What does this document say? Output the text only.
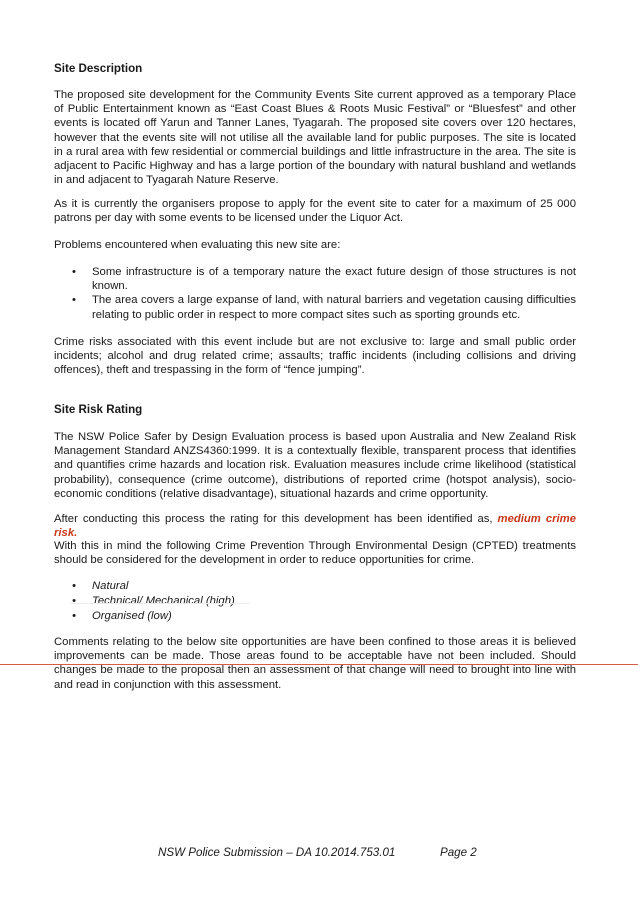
Site Description
The proposed site development for the Community Events Site current approved as a temporary Place of Public Entertainment known as “East Coast Blues & Roots Music Festival” or “Bluesfest” and other events is located off Yarun and Tanner Lanes, Tyagarah. The proposed site covers over 120 hectares, however that the events site will not utilise all the available land for public purposes. The site is located in a rural area with few residential or commercial buildings and little infrastructure in the area. The site is adjacent to Pacific Highway and has a large portion of the boundary with natural bushland and wetlands in and adjacent to Tyagarah Nature Reserve.
As it is currently the organisers propose to apply for the event site to cater for a maximum of 25 000 patrons per day with some events to be licensed under the Liquor Act.
Problems encountered when evaluating this new site are:
• Some infrastructure is of a temporary nature the exact future design of those structures is not known.
• The area covers a large expanse of land, with natural barriers and vegetation causing difficulties relating to public order in respect to more compact sites such as sporting grounds etc.
Crime risks associated with this event include but are not exclusive to: large and small public order incidents; alcohol and drug related crime; assaults; traffic incidents (including collisions and driving offences), theft and trespassing in the form of “fence jumping”.
Site Risk Rating
The NSW Police Safer by Design Evaluation process is based upon Australia and New Zealand Risk Management Standard ANZS4360:1999. It is a contextually flexible, transparent process that identifies and quantifies crime hazards and location risk. Evaluation measures include crime likelihood (statistical probability), consequence (crime outcome), distributions of reported crime (hotspot analysis), socio-economic conditions (relative disadvantage), situational hazards and crime opportunity.
After conducting this process the rating for this development has been identified as, medium crime risk.
With this in mind the following Crime Prevention Through Environmental Design (CPTED) treatments should be considered for the development in order to reduce opportunities for crime.
• Natural
• Technical/ Mechanical (high)
• Organised (low)
Comments relating to the below site opportunities are have been confined to those areas it is believed improvements can be made. Those areas found to be acceptable have not been included. Should changes be made to the proposal then an assessment of that change will need to brought into line with and read in conjunction with this assessment.
NSW Police Submission – DA 10.2014.753.01	Page 2
